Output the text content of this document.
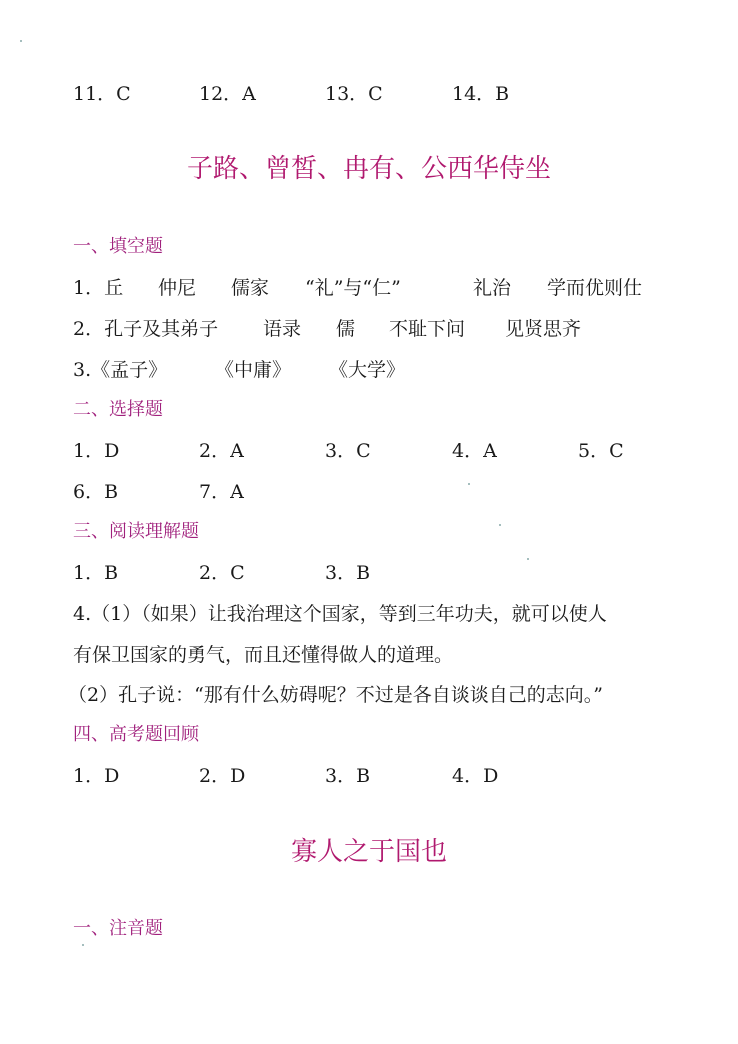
11．C	12．A	13．C	14．B
子路、曾皙、冉有、公西华侍坐
一、填空题
1．丘 仲尼 儒家 “礼”与“仁”	礼治 学而优则仕
2．孔子及其弟子 语录 儒 不耻下问 见贤思齐
3.《孟子》	《中庸》 《大学》
二、选择题
1．D	2．A	3．C	4．A	5．C
6．B	7．A
三、阅读理解题
1．B	2．C	3．B
4.（1）（如果）让我治理这个国家，等到三年功夫，就可以使人
有保卫国家的勇气，而且还懂得做人的道理。
（2）孔子说：“那有什么妨碍呢？不过是各自谈谈自己的志向。”
四、高考题回顾
1．D	2．D	3．B	4．D
寡人之于国也
一、注音题
